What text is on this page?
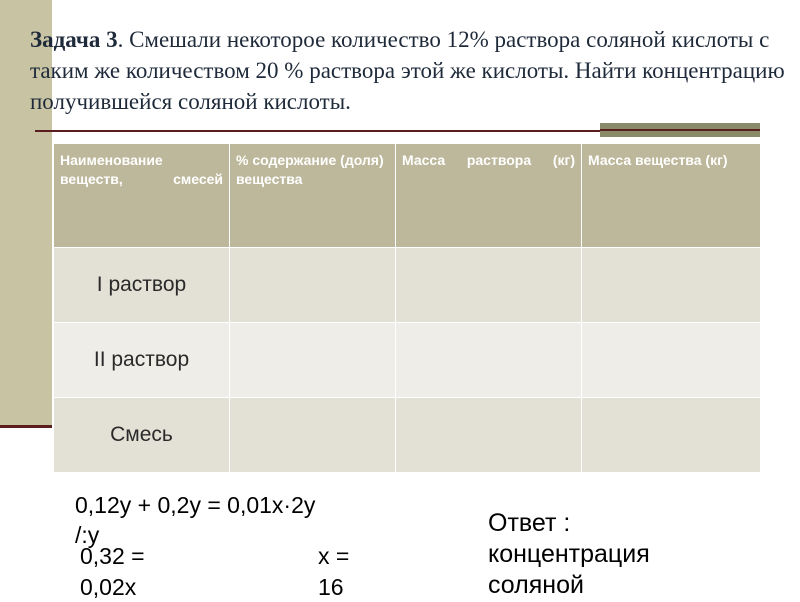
Задача 3. Смешали некоторое количество 12% раствора соляной кислоты с таким же количеством 20 % раствора этой же кислоты. Найти концентрацию получившейся соляной кислоты.
Наименование веществ, смесей	% содержание (доля) вещества	Масса раствора (кг)	Масса вещества (кг)
I раствор			
II раствор			
Смесь			
0,12у + 0,2у = 0,01х·2у
/:у
0,32 =
0,02х
х =
16
Ответ :
концентрация
соляной
